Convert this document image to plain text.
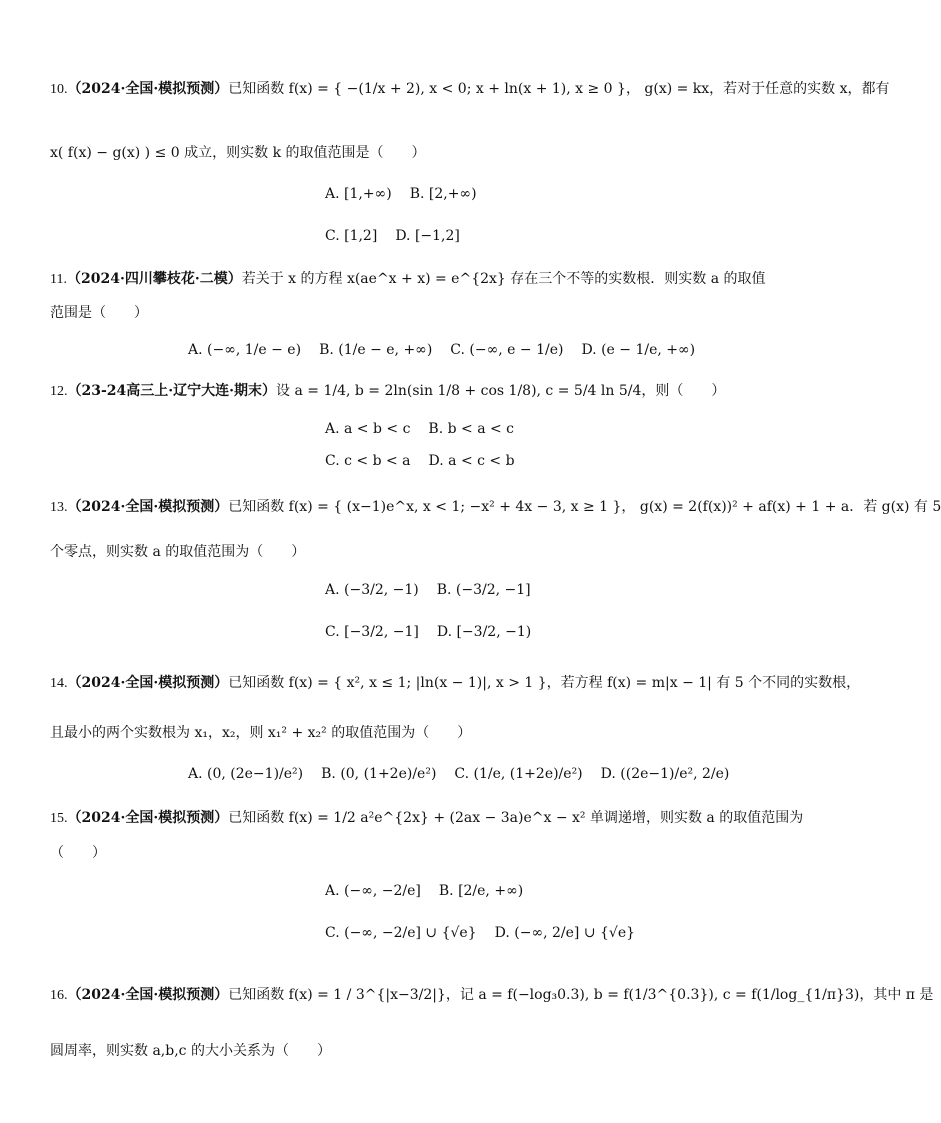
10.（2024·全国·模拟预测）已知函数 f(x) = { −(1/x + 2), x < 0; x + ln(x + 1), x ≥ 0 }， g(x) = kx，若对于任意的实数 x，都有
x( f(x) − g(x) ) ≤ 0 成立，则实数 k 的取值范围是（　　）
A. [1,+∞) B. [2,+∞)
C. [1,2] D. [−1,2]
11.（2024·四川攀枝花·二模）若关于 x 的方程 x(ae^x + x) = e^{2x} 存在三个不等的实数根．则实数 a 的取值
范围是（　　）
A. (−∞, 1/e − e) B. (1/e − e, +∞) C. (−∞, e − 1/e) D. (e − 1/e, +∞)
12.（23-24高三上·辽宁大连·期末）设 a = 1/4, b = 2ln(sin 1/8 + cos 1/8), c = 5/4 ln 5/4，则（　　）
A. a < b < c B. b < a < c
C. c < b < a D. a < c < b
13.（2024·全国·模拟预测）已知函数 f(x) = { (x−1)e^x, x < 1; −x² + 4x − 3, x ≥ 1 }， g(x) = 2(f(x))² + af(x) + 1 + a．若 g(x) 有 5
个零点，则实数 a 的取值范围为（　　）
A. (−3/2, −1) B. (−3/2, −1]
C. [−3/2, −1] D. [−3/2, −1)
14.（2024·全国·模拟预测）已知函数 f(x) = { x², x ≤ 1; |ln(x − 1)|, x > 1 }，若方程 f(x) = m|x − 1| 有 5 个不同的实数根，
且最小的两个实数根为 x₁，x₂，则 x₁² + x₂² 的取值范围为（　　）
A. (0, (2e−1)/e²) B. (0, (1+2e)/e²) C. (1/e, (1+2e)/e²) D. ((2e−1)/e², 2/e)
15.（2024·全国·模拟预测）已知函数 f(x) = 1/2 a²e^{2x} + (2ax − 3a)e^x − x² 单调递增，则实数 a 的取值范围为
（　　）
A. (−∞, −2/e] B. [2/e, +∞)
C. (−∞, −2/e] ∪ {√e} D. (−∞, 2/e] ∪ {√e}
16.（2024·全国·模拟预测）已知函数 f(x) = 1 / 3^{|x−3/2|}，记 a = f(−log₃0.3), b = f(1/3^{0.3}), c = f(1/log_{1/π}3)，其中 π 是
圆周率，则实数 a,b,c 的大小关系为（　　）
